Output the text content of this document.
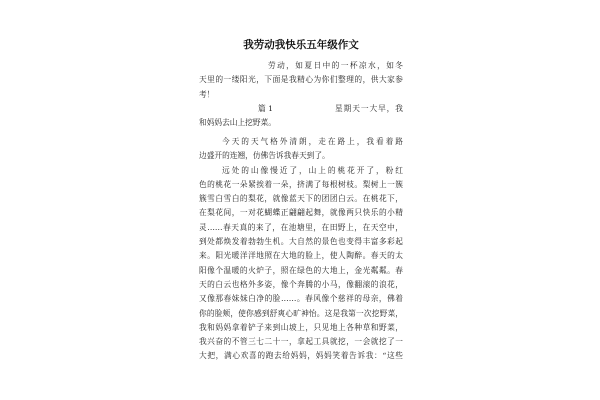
我劳动我快乐五年级作文
劳动，如夏日中的一杯凉水，如冬
天里的一缕阳光，下面是我精心为你们整理的，供大家参
考！
篇 1	星期天一大早，我
和妈妈去山上挖野菜。
今天的天气格外清朗，走在路上，我看着路
边盛开的连翘，仿佛告诉我春天到了。
远处的山像慢近了，山上的桃花开了，粉红
色的桃花一朵紧挨着一朵，挤满了每根树枝。梨树上一簇
簇雪白雪白的梨花，就像蓝天下的团团白云。在桃花下，
在梨花间，一对花蝴蝶正翩翩起舞，就像两只快乐的小精
灵……春天真的来了，在池塘里，在田野上，在天空中，
到处都焕发着勃勃生机。大自然的景色也变得丰富多彩起
来。阳光暖洋洋地照在大地的脸上，使人陶醉。春天的太
阳像个温暖的火炉子，照在绿色的大地上，金光粼粼。春
天的白云也格外多姿，像个奔腾的小马，像翻滚的浪花，
又像那春妹妹白净的脸……。春风像个慈祥的母亲，佛着
你的脸颊，使你感到舒爽心旷神怡。这是我第一次挖野菜，
我和妈妈拿着铲子来到山坡上，只见地上各种草和野菜，
我兴奋的不管三七二十一，拿起工具就挖，一会就挖了一
大把，满心欢喜的跑去给妈妈，妈妈笑着告诉我：“这些
